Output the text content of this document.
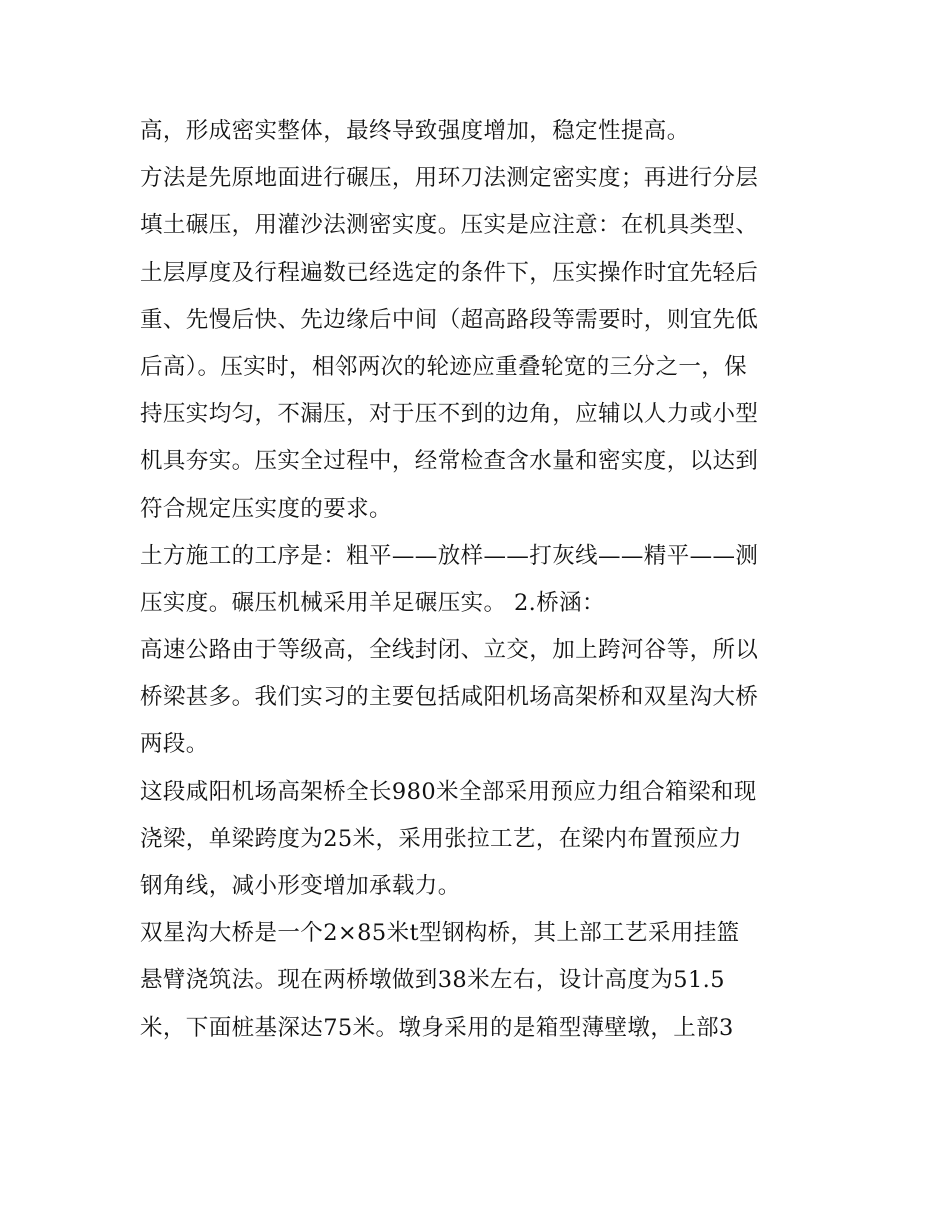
高，形成密实整体，最终导致强度增加，稳定性提高。
方法是先原地面进行碾压，用环刀法测定密实度；再进行分层
填土碾压，用灌沙法测密实度。压实是应注意：在机具类型、
土层厚度及行程遍数已经选定的条件下，压实操作时宜先轻后
重、先慢后快、先边缘后中间（超高路段等需要时，则宜先低
后高）。压实时，相邻两次的轮迹应重叠轮宽的三分之一，保
持压实均匀，不漏压，对于压不到的边角，应辅以人力或小型
机具夯实。压实全过程中，经常检查含水量和密实度，以达到
符合规定压实度的要求。
土方施工的工序是：粗平——放样——打灰线——精平——测
压实度。碾压机械采用羊足碾压实。 2.桥涵：
高速公路由于等级高，全线封闭、立交，加上跨河谷等，所以
桥梁甚多。我们实习的主要包括咸阳机场高架桥和双星沟大桥
两段。
这段咸阳机场高架桥全长980米全部采用预应力组合箱梁和现
浇梁，单梁跨度为25米，采用张拉工艺，在梁内布置预应力
钢角线，减小形变增加承载力。
双星沟大桥是一个2×85米t型钢构桥，其上部工艺采用挂篮
悬臂浇筑法。现在两桥墩做到38米左右，设计高度为51.5
米，下面桩基深达75米。墩身采用的是箱型薄壁墩，上部3
